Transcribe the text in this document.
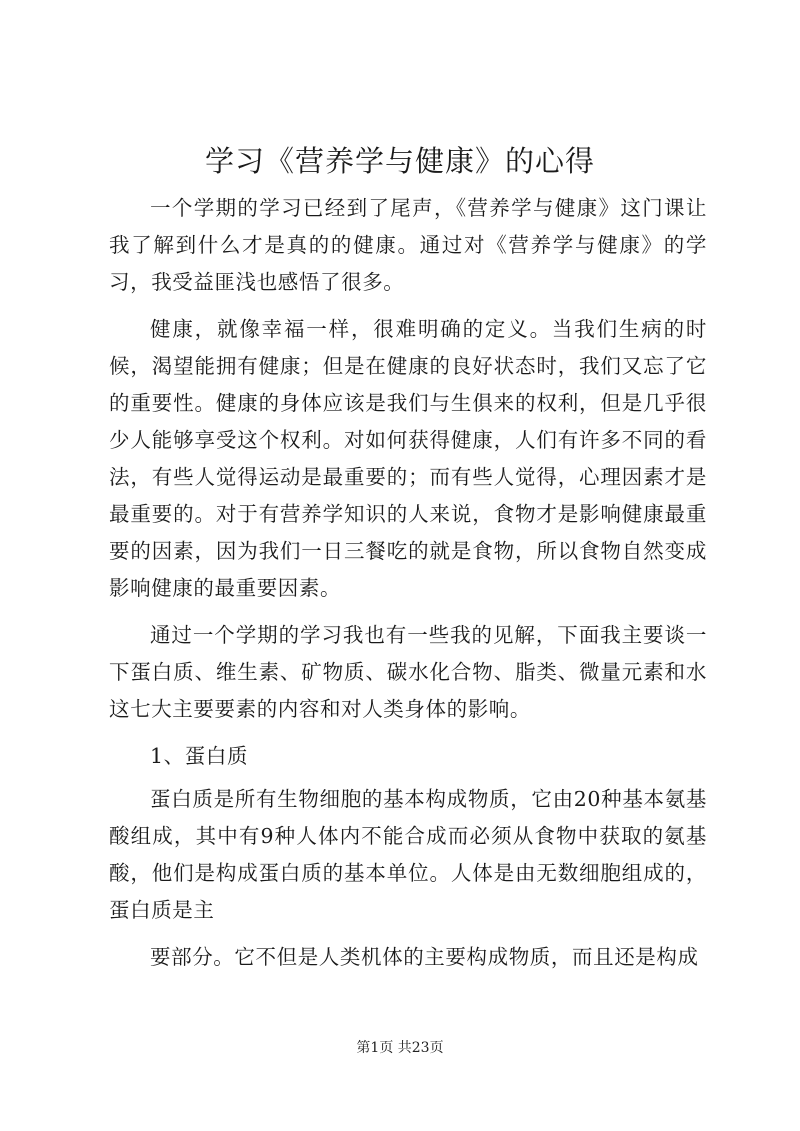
学习《营养学与健康》的心得

一个学期的学习已经到了尾声，《营养学与健康》这门课让我了解到什么才是真的的健康。通过对《营养学与健康》的学习，我受益匪浅也感悟了很多。

健康，就像幸福一样，很难明确的定义。当我们生病的时候，渴望能拥有健康；但是在健康的良好状态时，我们又忘了它的重要性。健康的身体应该是我们与生俱来的权利，但是几乎很少人能够享受这个权利。对如何获得健康，人们有许多不同的看法，有些人觉得运动是最重要的；而有些人觉得，心理因素才是最重要的。对于有营养学知识的人来说，食物才是影响健康最重要的因素，因为我们一日三餐吃的就是食物，所以食物自然变成影响健康的最重要因素。

通过一个学期的学习我也有一些我的见解，下面我主要谈一下蛋白质、维生素、矿物质、碳水化合物、脂类、微量元素和水这七大主要要素的内容和对人类身体的影响。

1、蛋白质

蛋白质是所有生物细胞的基本构成物质，它由20种基本氨基酸组成，其中有9种人体内不能合成而必须从食物中获取的氨基酸，他们是构成蛋白质的基本单位。人体是由无数细胞组成的，蛋白质是主

要部分。它不但是人类机体的主要构成物质，而且还是构成

第1页 共23页
